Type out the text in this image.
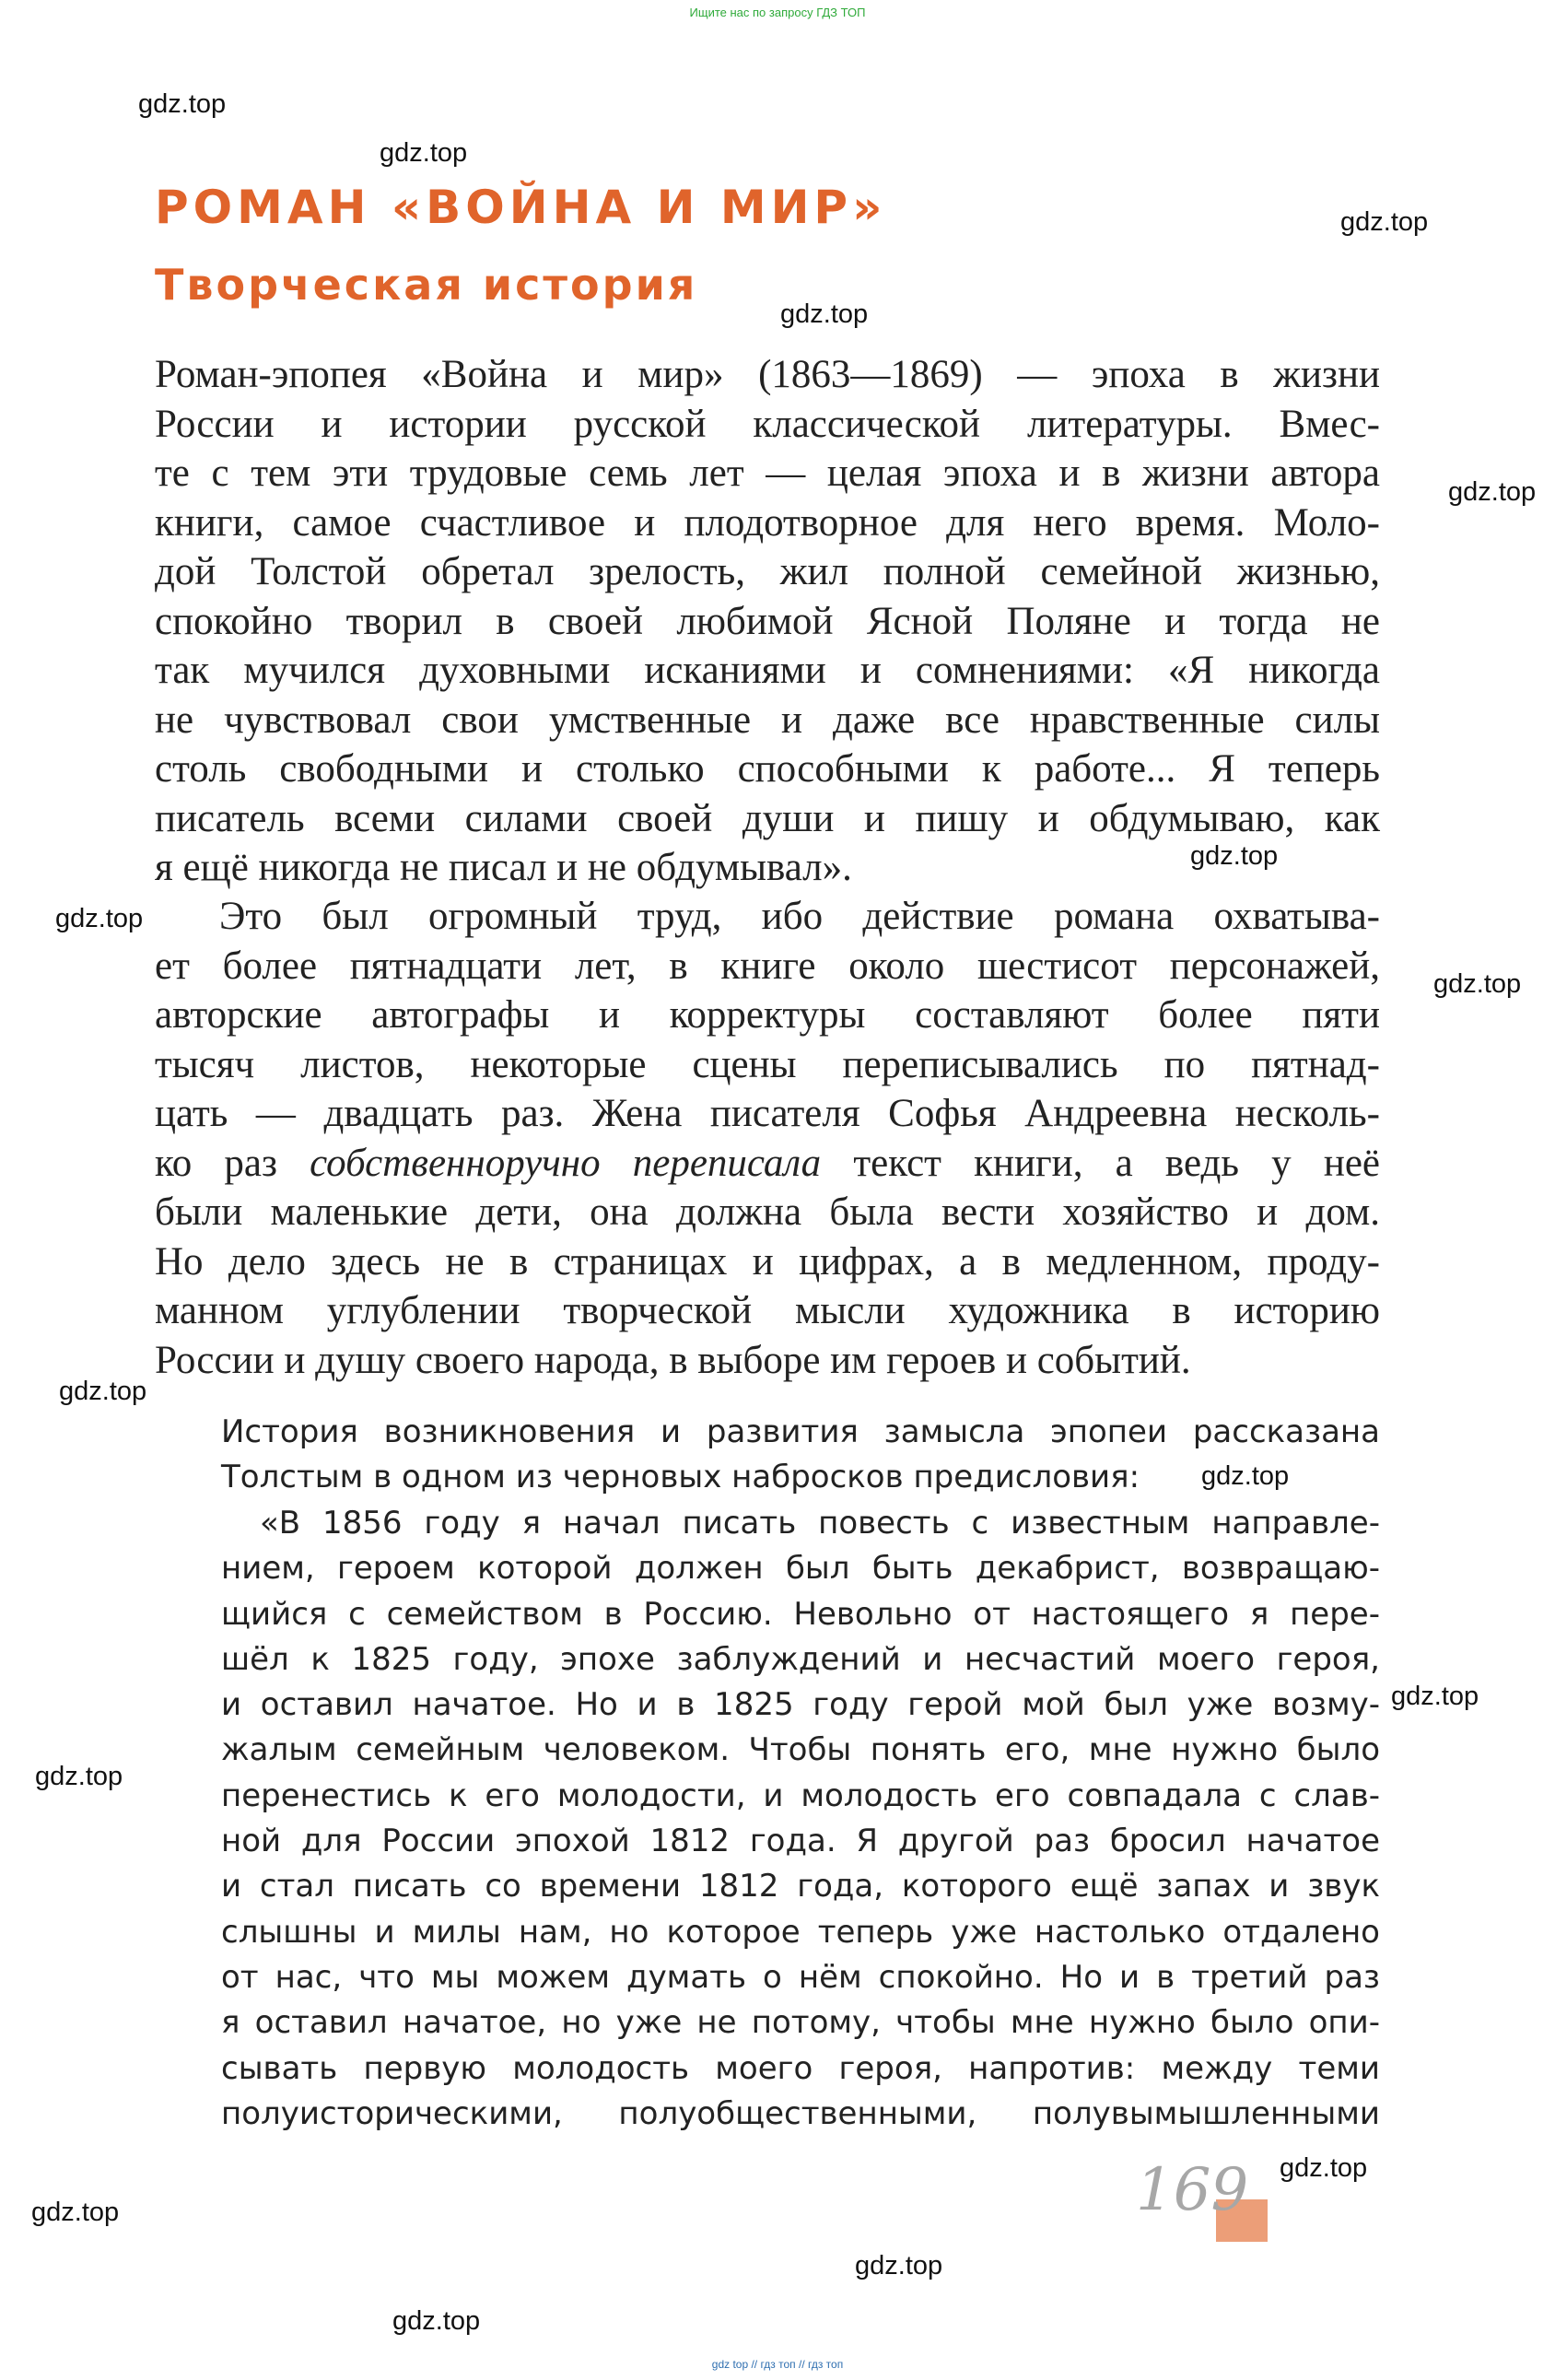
Ищите нас по запросу ГДЗ ТОП
РОМАН «ВОЙНА И МИР»
Творческая история
Роман-эпопея «Война и мир» (1863—1869) — эпоха в жизни
России и истории русской классической литературы. Вмес-
те с тем эти трудовые семь лет — целая эпоха и в жизни автора
книги, самое счастливое и плодотворное для него время. Моло-
дой Толстой обретал зрелость, жил полной семейной жизнью,
спокойно творил в своей любимой Ясной Поляне и тогда не
так мучился духовными исканиями и сомнениями: «Я никогда
не чувствовал свои умственные и даже все нравственные силы
столь свободными и столько способными к работе... Я теперь
писатель всеми силами своей души и пишу и обдумываю, как
я ещё никогда не писал и не обдумывал».
Это был огромный труд, ибо действие романа охватыва-
ет более пятнадцати лет, в книге около шестисот персонажей,
авторские автографы и корректуры составляют более пяти
тысяч листов, некоторые сцены переписывались по пятнад-
цать — двадцать раз. Жена писателя Софья Андреевна несколь-
ко раз собственноручно переписала текст книги, а ведь у неё
были маленькие дети, она должна была вести хозяйство и дом.
Но дело здесь не в страницах и цифрах, а в медленном, проду-
манном углублении творческой мысли художника в историю
России и душу своего народа, в выборе им героев и событий.
История возникновения и развития замысла эпопеи рассказана
Толстым в одном из черновых набросков предисловия:
«В 1856 году я начал писать повесть с известным направле-
нием, героем которой должен был быть декабрист, возвращаю-
щийся с семейством в Россию. Невольно от настоящего я пере-
шёл к 1825 году, эпохе заблуждений и несчастий моего героя,
и оставил начатое. Но и в 1825 году герой мой был уже возму-
жалым семейным человеком. Чтобы понять его, мне нужно было
перенестись к его молодости, и молодость его совпадала с слав-
ной для России эпохой 1812 года. Я другой раз бросил начатое
и стал писать со времени 1812 года, которого ещё запах и звук
слышны и милы нам, но которое теперь уже настолько отдалено
от нас, что мы можем думать о нём спокойно. Но и в третий раз
я оставил начатое, но уже не потому, чтобы мне нужно было опи-
сывать первую молодость моего героя, напротив: между теми
полуисторическими, полуобщественными, полувымышленными
169
gdz.top
gdz.top
gdz.top
gdz.top
gdz.top
gdz.top
gdz.top
gdz.top
gdz.top
gdz.top
gdz.top
gdz.top
gdz.top
gdz.top
gdz.top
gdz.top
gdz top // гдз топ // гдз топ
